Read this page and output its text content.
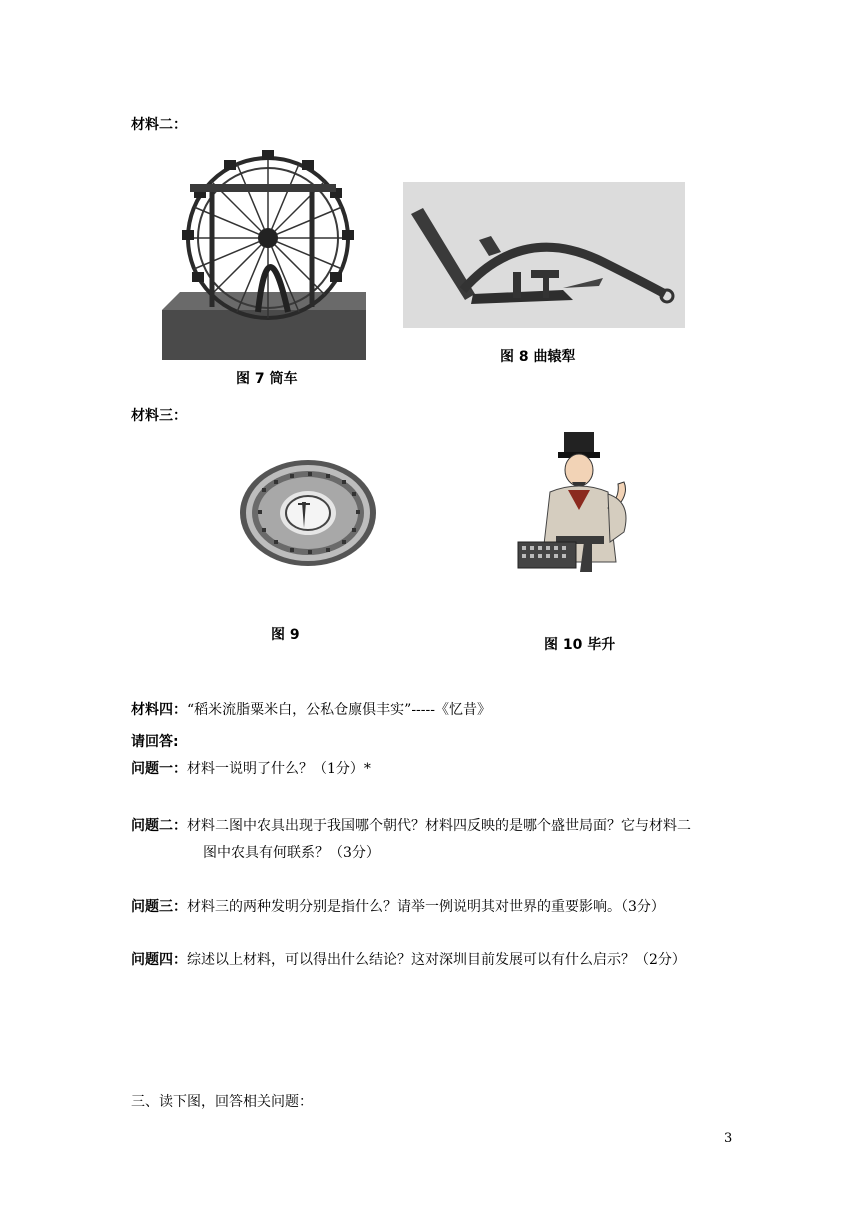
材料二：
图 7 筒车
图 8 曲辕犁
材料三：
图 9
图 10 毕升
材料四：“稻米流脂粟米白，公私仓廪俱丰实”-----《忆昔》
请回答:
问题一：材料一说明了什么？（1分）*
问题二：材料二图中农具出现于我国哪个朝代？材料四反映的是哪个盛世局面？它与材料二
图中农具有何联系？（3分）
问题三：材料三的两种发明分别是指什么？请举一例说明其对世界的重要影响。（3分）
问题四：综述以上材料，可以得出什么结论？这对深圳目前发展可以有什么启示？（2分）
三、读下图，回答相关问题：
3
